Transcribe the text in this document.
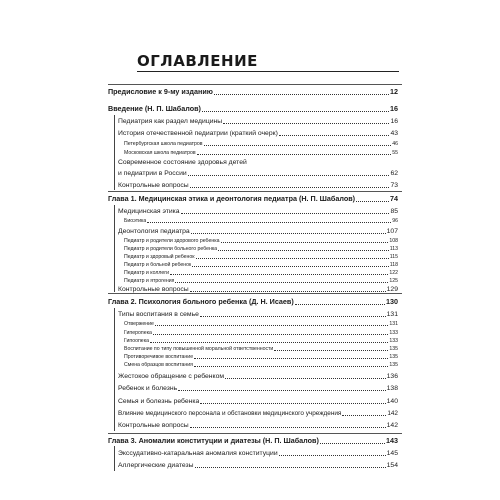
ОГЛАВЛЕНИЕ
Предисловие к 9-му изданию	12
Введение (Н. П. Шабалов)	16
Педиатрия как раздел медицины	16
История отечественной педиатрии (краткий очерк)	43
Петербургская школа педиатров	46
Московская школа педиатров	55
Современное состояние здоровья детей
и педиатрии в России	62
Контрольные вопросы	73
Глава 1. Медицинская этика и деонтология педиатра (Н. П. Шабалов)	74
Медицинская этика	85
Биоэтика	96
Деонтология педиатра	107
Педиатр и родители здорового ребенка	108
Педиатр и родители больного ребенка	113
Педиатр и здоровый ребенок	115
Педиатр и больной ребенок	118
Педиатр и коллеги	122
Педиатр и ятрогения	125
Контрольные вопросы	129
Глава 2. Психология больного ребенка (Д. Н. Исаев)	130
Типы воспитания в семье	131
Отвержение	131
Гиперопека	133
Гипоопека	133
Воспитание по типу повышенной моральной ответственности	135
Противоречивое воспитание	135
Смена образцов воспитания	135
Жестокое обращение с ребенком	136
Ребенок и болезнь	138
Семья и болезнь ребенка	140
Влияние медицинского персонала и обстановки медицинского учреждения	142
Контрольные вопросы	142
Глава 3. Аномалии конституции и диатезы (Н. П. Шабалов)	143
Экссудативно-катаральная аномалия конституции	145
Аллергические диатезы	154
